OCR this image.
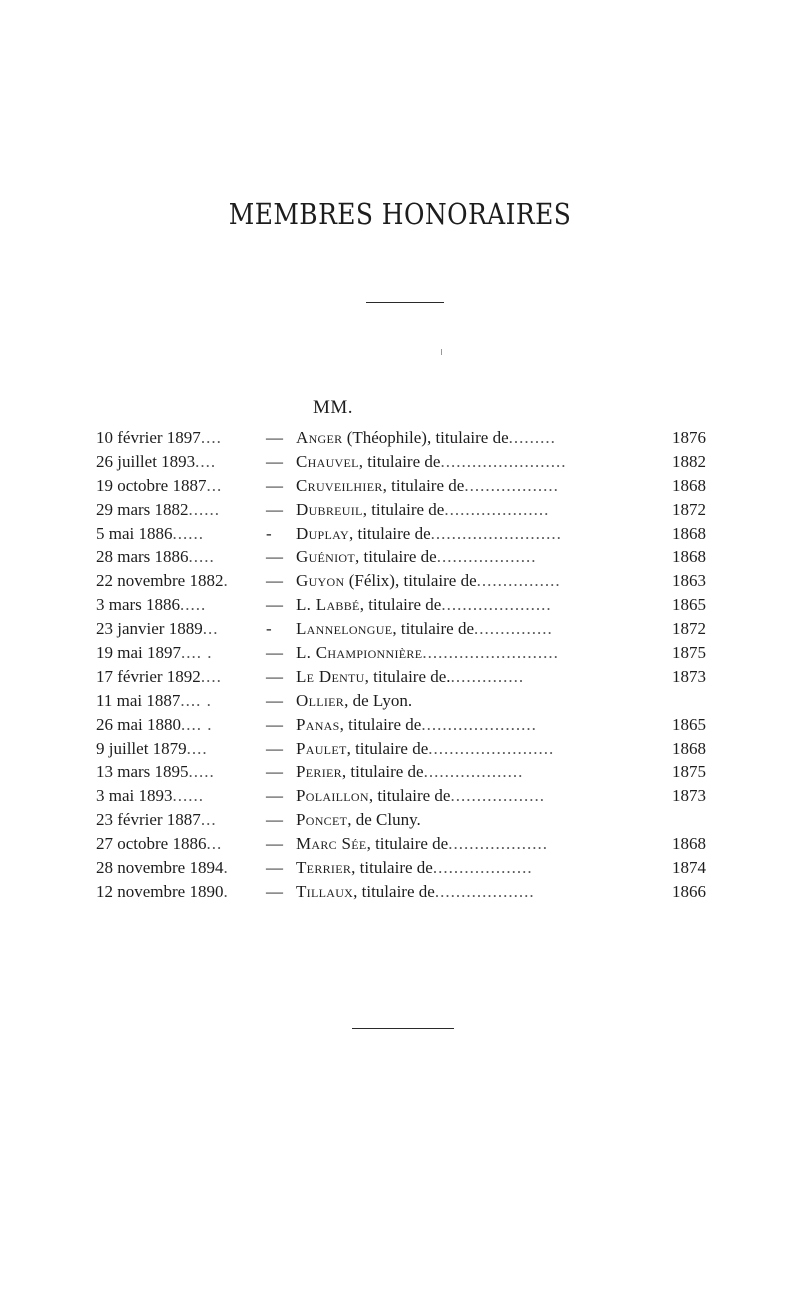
MEMBRES HONORAIRES
MM.
10 février 1897....	— Anger (Théophile), titulaire de.........	1876
26 juillet 1893....	— Chauvel, titulaire de........................	1882
19 octobre 1887...	— Cruveilhier, titulaire de..................	1868
29 mars 1882......	— Dubreuil, titulaire de....................	1872
5 mai 1886......	-	Duplay, titulaire de.........................	1868
28 mars 1886.....	— Guéniot, titulaire de...................	1868
22 novembre 1882.	— Guyon (Félix), titulaire de................	1863
3 mars 1886.....	— L. Labbé, titulaire de.....................	1865
23 janvier 1889...	-	Lannelongue, titulaire de...............	1872
19 mai 1897.... .	— L. Championnière..........................	1875
17 février 1892....	— Le Dentu, titulaire de...............	1873
11 mai 1887.... .	— Ollier, de Lyon.
26 mai 1880.... .	— Panas, titulaire de......................	1865
9 juillet 1879....	— Paulet, titulaire de........................	1868
13 mars 1895.....	— Perier, titulaire de...................	1875
3 mai 1893......	— Polaillon, titulaire de..................	1873
23 février 1887...	— Poncet, de Cluny.
27 octobre 1886...	— Marc Sée, titulaire de...................	1868
28 novembre 1894.	— Terrier, titulaire de...................	1874
12 novembre 1890.	— Tillaux, titulaire de...................	1866
